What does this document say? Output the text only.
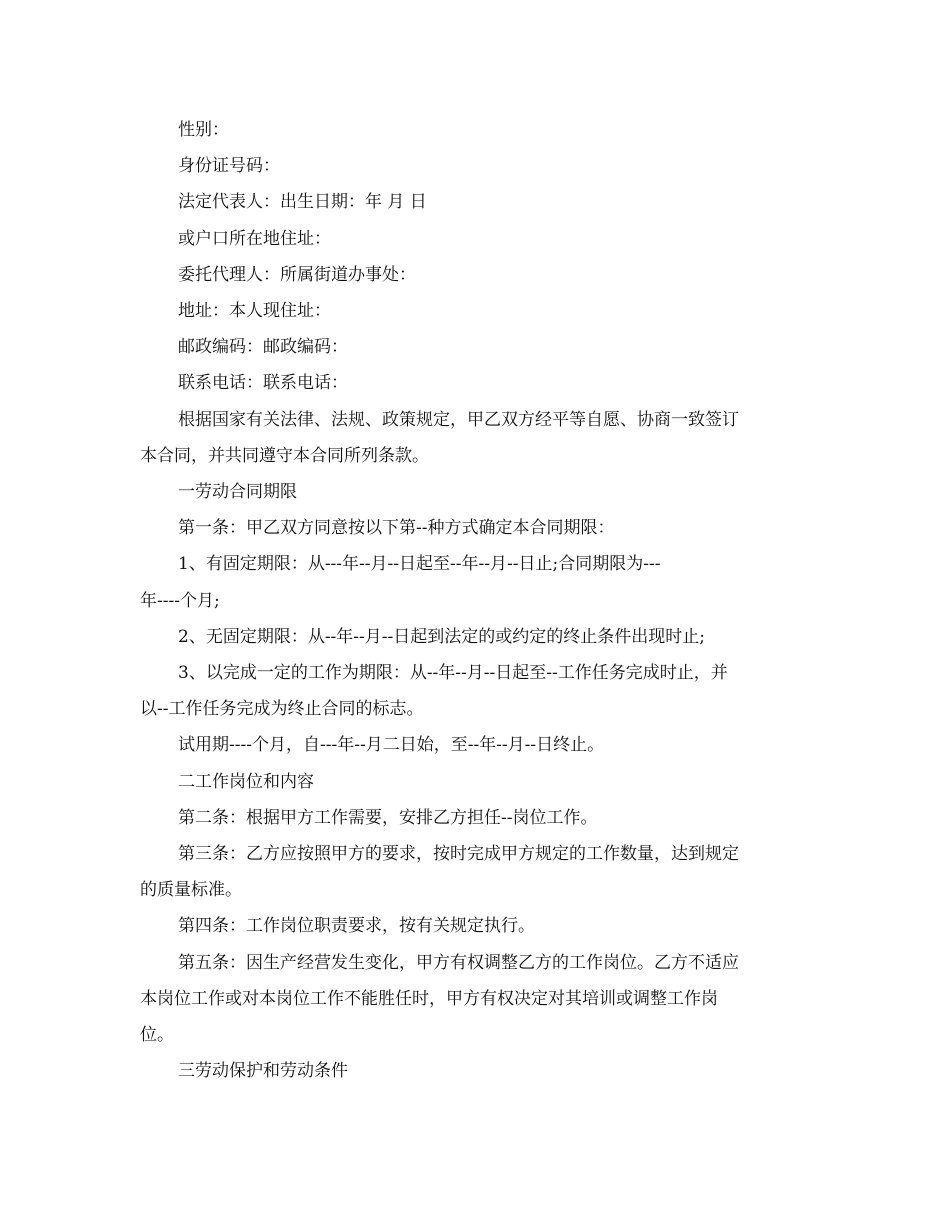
性别：

身份证号码：

法定代表人：出生日期：年 月 日

或户口所在地住址：

委托代理人：所属街道办事处：

地址：本人现住址：

邮政编码：邮政编码：

联系电话：联系电话：

根据国家有关法律、法规、政策规定，甲乙双方经平等自愿、协商一致签订
本合同，并共同遵守本合同所列条款。

一劳动合同期限

第一条：甲乙双方同意按以下第--种方式确定本合同期限：

1、有固定期限：从---年--月--日起至--年--月--日止;合同期限为---
年----个月;

2、无固定期限：从--年--月--日起到法定的或约定的终止条件出现时止;

3、以完成一定的工作为期限：从--年--月--日起至--工作任务完成时止，并
以--工作任务完成为终止合同的标志。

试用期----个月，自---年--月二日始，至--年--月--日终止。

二工作岗位和内容

第二条：根据甲方工作需要，安排乙方担任--岗位工作。

第三条：乙方应按照甲方的要求，按时完成甲方规定的工作数量，达到规定
的质量标准。

第四条：工作岗位职责要求，按有关规定执行。

第五条：因生产经营发生变化，甲方有权调整乙方的工作岗位。乙方不适应
本岗位工作或对本岗位工作不能胜任时，甲方有权决定对其培训或调整工作岗
位。

三劳动保护和劳动条件
